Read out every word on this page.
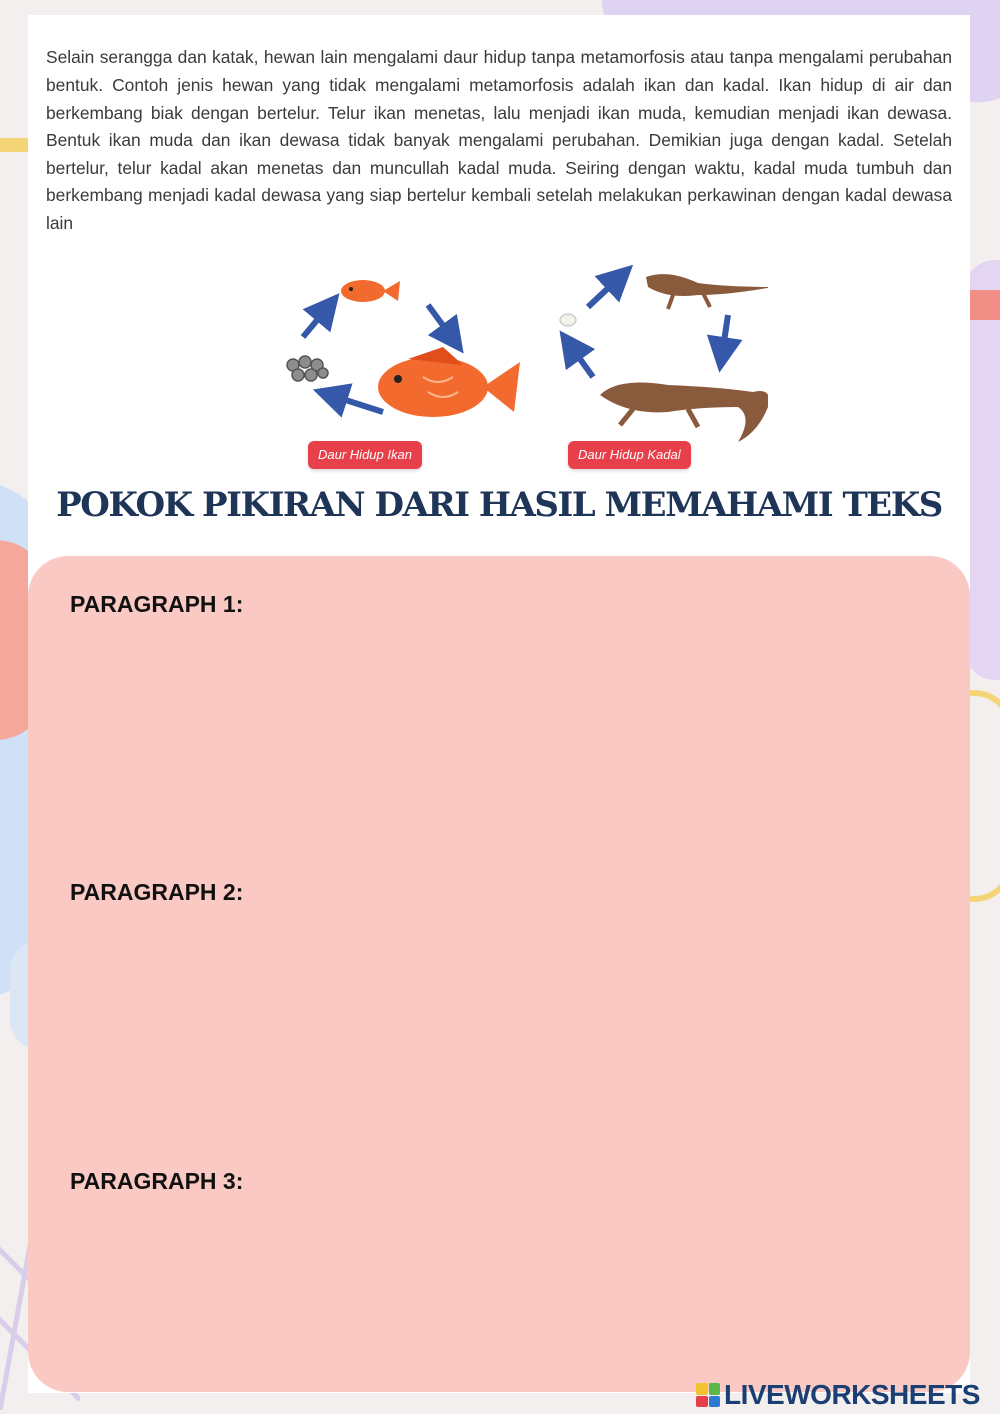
Selain serangga dan katak, hewan lain mengalami daur hidup tanpa metamorfosis atau tanpa mengalami perubahan bentuk. Contoh jenis hewan yang tidak mengalami metamorfosis adalah ikan dan kadal. Ikan hidup di air dan berkembang biak dengan bertelur. Telur ikan menetas, lalu menjadi ikan muda, kemudian menjadi ikan dewasa. Bentuk ikan muda dan ikan dewasa tidak banyak mengalami perubahan. Demikian juga dengan kadal. Setelah bertelur, telur kadal akan menetas dan muncullah kadal muda. Seiring dengan waktu, kadal muda tumbuh dan berkembang menjadi kadal dewasa yang siap bertelur kembali setelah melakukan perkawinan dengan kadal dewasa lain

Daur Hidup Ikan	Daur Hidup Kadal
POKOK PIKIRAN DARI HASIL MEMAHAMI TEKS
PARAGRAPH 1:
PARAGRAPH 2:
PARAGRAPH 3:
LIVEWORKSHEETS
